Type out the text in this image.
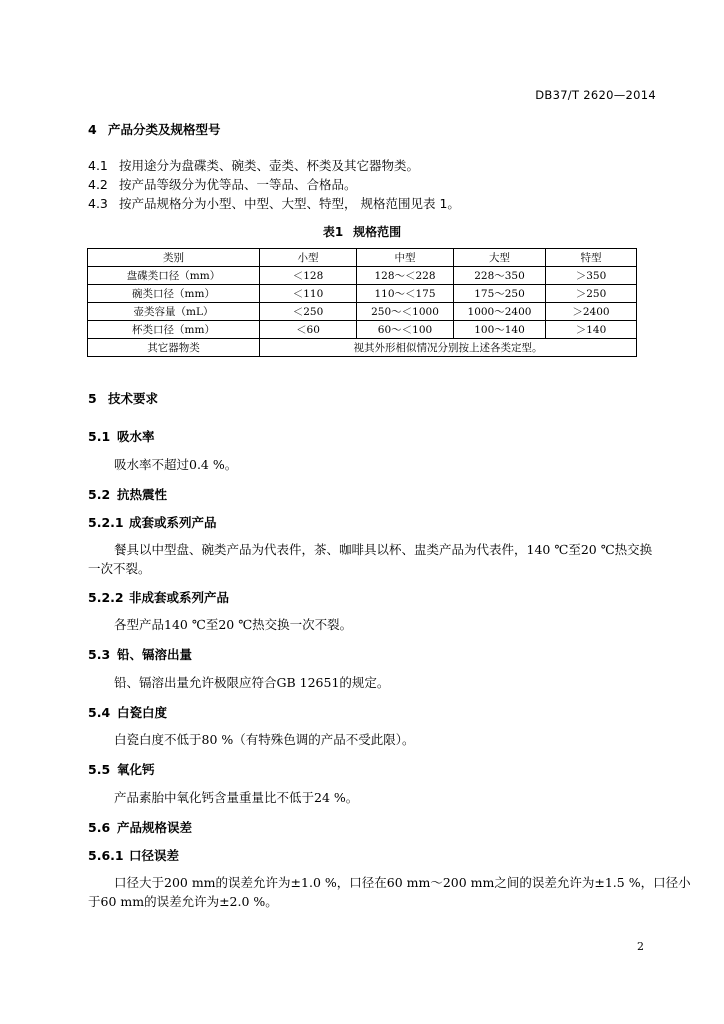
DB37/T 2620—2014
4 产品分类及规格型号
4.1 按用途分为盘碟类、碗类、壶类、杯类及其它器物类。
4.2 按产品等级分为优等品、一等品、合格品。
4.3 按产品规格分为小型、中型、大型、特型， 规格范围见表 1。
表1 规格范围
类别	小型	中型	大型	特型
盘碟类口径（mm）	＜128	128～＜228	228～350	＞350
碗类口径（mm）	＜110	110～＜175	175～250	＞250
壶类容量（mL）	＜250	250～＜1000	1000～2400	＞2400
杯类口径（mm）	＜60	60～＜100	100～140	＞140
其它器物类	视其外形相似情况分别按上述各类定型。			
5 技术要求
5.1 吸水率
吸水率不超过0.4 %。
5.2 抗热震性
5.2.1 成套或系列产品
餐具以中型盘、碗类产品为代表件，茶、咖啡具以杯、盅类产品为代表件，140 ℃至20 ℃热交换
一次不裂。
5.2.2 非成套或系列产品
各型产品140 ℃至20 ℃热交换一次不裂。
5.3 铅、镉溶出量
铅、镉溶出量允许极限应符合GB 12651的规定。
5.4 白瓷白度
白瓷白度不低于80 %（有特殊色调的产品不受此限）。
5.5 氧化钙
产品素胎中氧化钙含量重量比不低于24 %。
5.6 产品规格误差
5.6.1 口径误差
口径大于200 mm的误差允许为±1.0 %，口径在60 mm～200 mm之间的误差允许为±1.5 %，口径小
于60 mm的误差允许为±2.0 %。
2
